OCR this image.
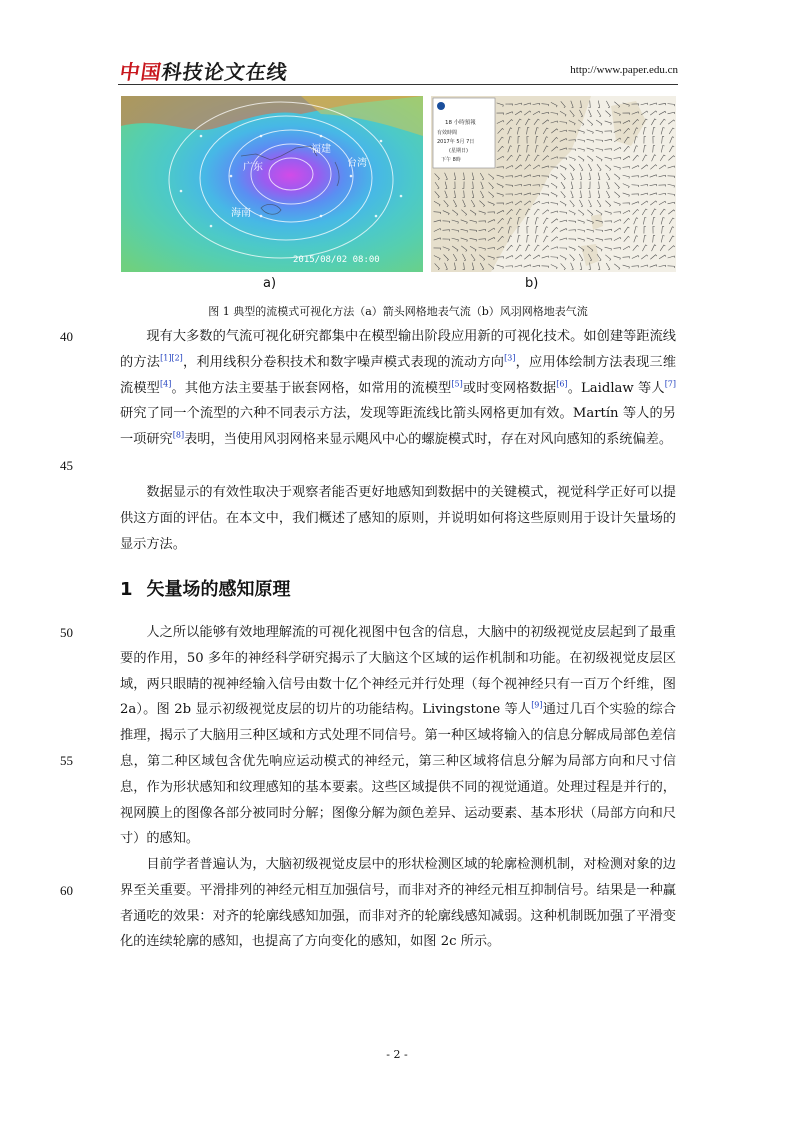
中国科技论文在线	http://www.paper.edu.cn
广东
福建
台湾
海南
2015/08/02 08:00
18 小時預報
有效時間
2017年 5月 7日
(星期日)
下午 8時
a)	b)
图 1 典型的流模式可视化方法（a）箭头网格地表气流（b）风羽网格地表气流
40
45
50
55
60

现有大多数的气流可视化研究都集中在模型输出阶段应用新的可视化技术。如创建等距流线的方法[1][2]，利用线积分卷积技术和数字噪声模式表现的流动方向[3]，应用体绘制方法表现三维流模型[4]。其他方法主要基于嵌套网格，如常用的流模型[5]或时变网格数据[6]。Laidlaw 等人[7]研究了同一个流型的六种不同表示方法，发现等距流线比箭头网格更加有效。Martín 等人的另一项研究[8]表明，当使用风羽网格来显示飓风中心的螺旋模式时，存在对风向感知的系统偏差。

数据显示的有效性取决于观察者能否更好地感知到数据中的关键模式，视觉科学正好可以提供这方面的评估。在本文中，我们概述了感知的原则，并说明如何将这些原则用于设计矢量场的显示方法。

1 矢量场的感知原理

人之所以能够有效地理解流的可视化视图中包含的信息，大脑中的初级视觉皮层起到了最重要的作用，50 多年的神经科学研究揭示了大脑这个区域的运作机制和功能。在初级视觉皮层区域，两只眼睛的视神经输入信号由数十亿个神经元并行处理（每个视神经只有一百万个纤维，图 2a）。图 2b 显示初级视觉皮层的切片的功能结构。Livingstone 等人[9]通过几百个实验的综合推理，揭示了大脑用三种区域和方式处理不同信号。第一种区域将输入的信息分解成局部色差信息，第二种区域包含优先响应运动模式的神经元，第三种区域将信息分解为局部方向和尺寸信息，作为形状感知和纹理感知的基本要素。这些区域提供不同的视觉通道。处理过程是并行的，视网膜上的图像各部分被同时分解；图像分解为颜色差异、运动要素、基本形状（局部方向和尺寸）的感知。

目前学者普遍认为，大脑初级视觉皮层中的形状检测区域的轮廓检测机制，对检测对象的边界至关重要。平滑排列的神经元相互加强信号，而非对齐的神经元相互抑制信号。结果是一种赢者通吃的效果：对齐的轮廓线感知加强，而非对齐的轮廓线感知减弱。这种机制既加强了平滑变化的连续轮廓的感知，也提高了方向变化的感知，如图 2c 所示。

- 2 -
